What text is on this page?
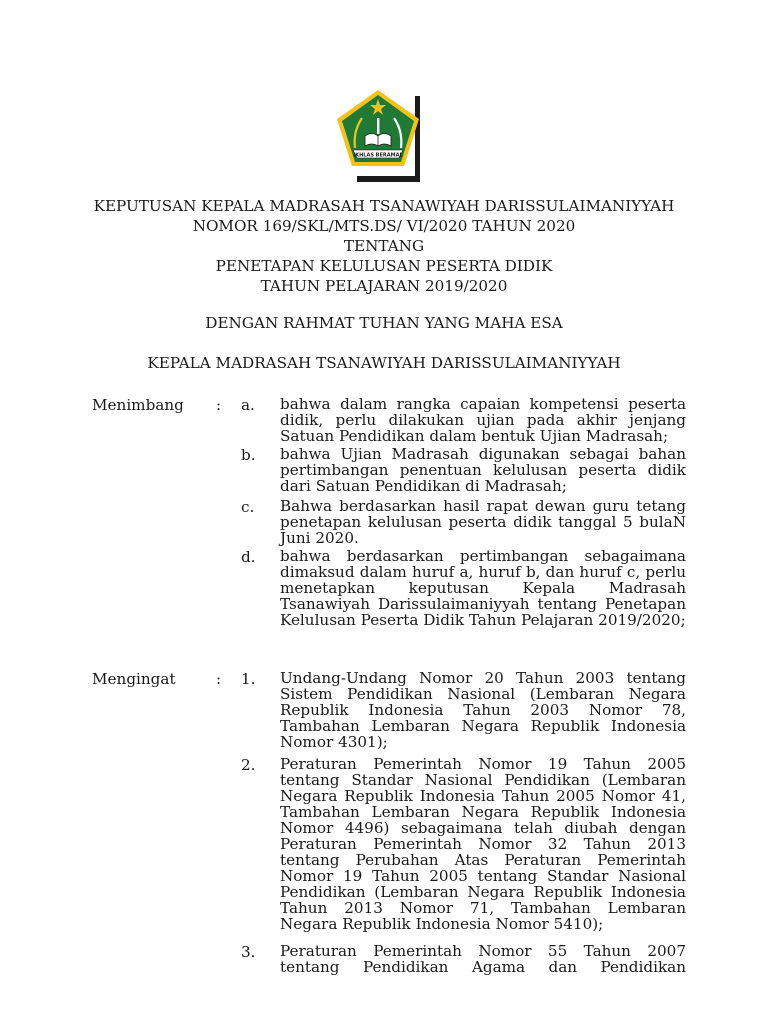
IKHLAS BERAMAL
KEPUTUSAN KEPALA MADRASAH TSANAWIYAH DARISSULAIMANIYYAH
NOMOR 169/SKL/MTS.DS/ VI/2020 TAHUN 2020
TENTANG
PENETAPAN KELULUSAN PESERTA DIDIK
TAHUN PELAJARAN 2019/2020
DENGAN RAHMAT TUHAN YANG MAHA ESA
KEPALA MADRASAH TSANAWIYAH DARISSULAIMANIYYAH
Menimbang : a. bahwa dalam rangka capaian kompetensi peserta didik, perlu dilakukan ujian pada akhir jenjang Satuan Pendidikan dalam bentuk Ujian Madrasah;

b. bahwa Ujian Madrasah digunakan sebagai bahan pertimbangan penentuan kelulusan peserta didik dari Satuan Pendidikan di Madrasah;

c. Bahwa berdasarkan hasil rapat dewan guru tetang penetapan kelulusan peserta didik tanggal 5 bulaN Juni 2020.

d. bahwa berdasarkan pertimbangan sebagaimana dimaksud dalam huruf a, huruf b, dan huruf c, perlu menetapkan keputusan Kepala Madrasah Tsanawiyah Darissulaimaniyyah tentang Penetapan Kelulusan Peserta Didik Tahun Pelajaran 2019/2020;

Mengingat	: 1. Undang-Undang Nomor 20 Tahun 2003 tentang Sistem Pendidikan Nasional (Lembaran Negara Republik Indonesia Tahun 2003 Nomor 78, Tambahan Lembaran Negara Republik Indonesia Nomor 4301);

2. Peraturan Pemerintah Nomor 19 Tahun 2005 tentang Standar Nasional Pendidikan (Lembaran Negara Republik Indonesia Tahun 2005 Nomor 41, Tambahan Lembaran Negara Republik Indonesia Nomor 4496) sebagaimana telah diubah dengan Peraturan Pemerintah Nomor 32 Tahun 2013 tentang Perubahan Atas Peraturan Pemerintah Nomor 19 Tahun 2005 tentang Standar Nasional Pendidikan (Lembaran Negara Republik Indonesia Tahun 2013 Nomor 71, Tambahan Lembaran Negara Republik Indonesia Nomor 5410);

3. Peraturan Pemerintah Nomor 55 Tahun 2007 tentang Pendidikan Agama dan Pendidikan
